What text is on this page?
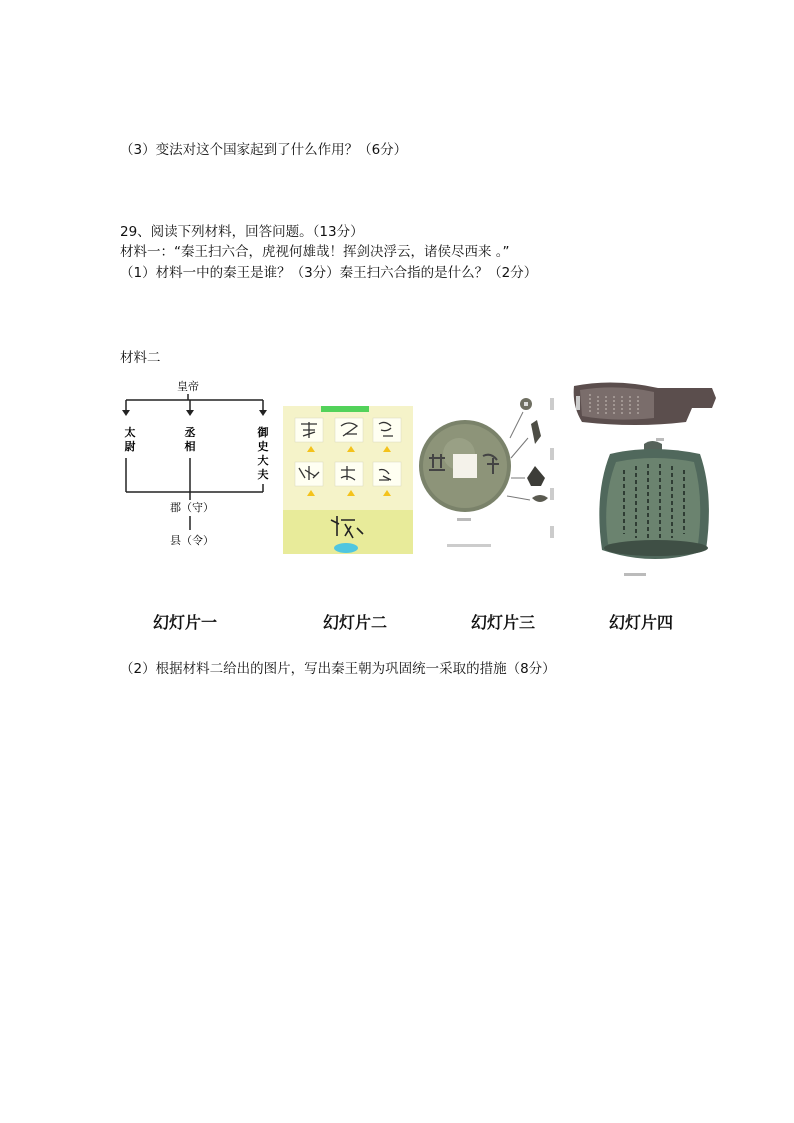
（3）变法对这个国家起到了什么作用？（6分）
29、阅读下列材料，回答问题。（13分）
材料一：“秦王扫六合，虎视何雄哉！挥剑决浮云，诸侯尽西来 。”
（1）材料一中的秦王是谁？（3分）秦王扫六合指的是什么？（2分）
材料二
皇帝
太
尉
丞
相
御
史
大
夫
郡（守）
县（令）
幻灯片一	幻灯片二	幻灯片三	幻灯片四
（2）根据材料二给出的图片，写出秦王朝为巩固统一采取的措施（8分）
